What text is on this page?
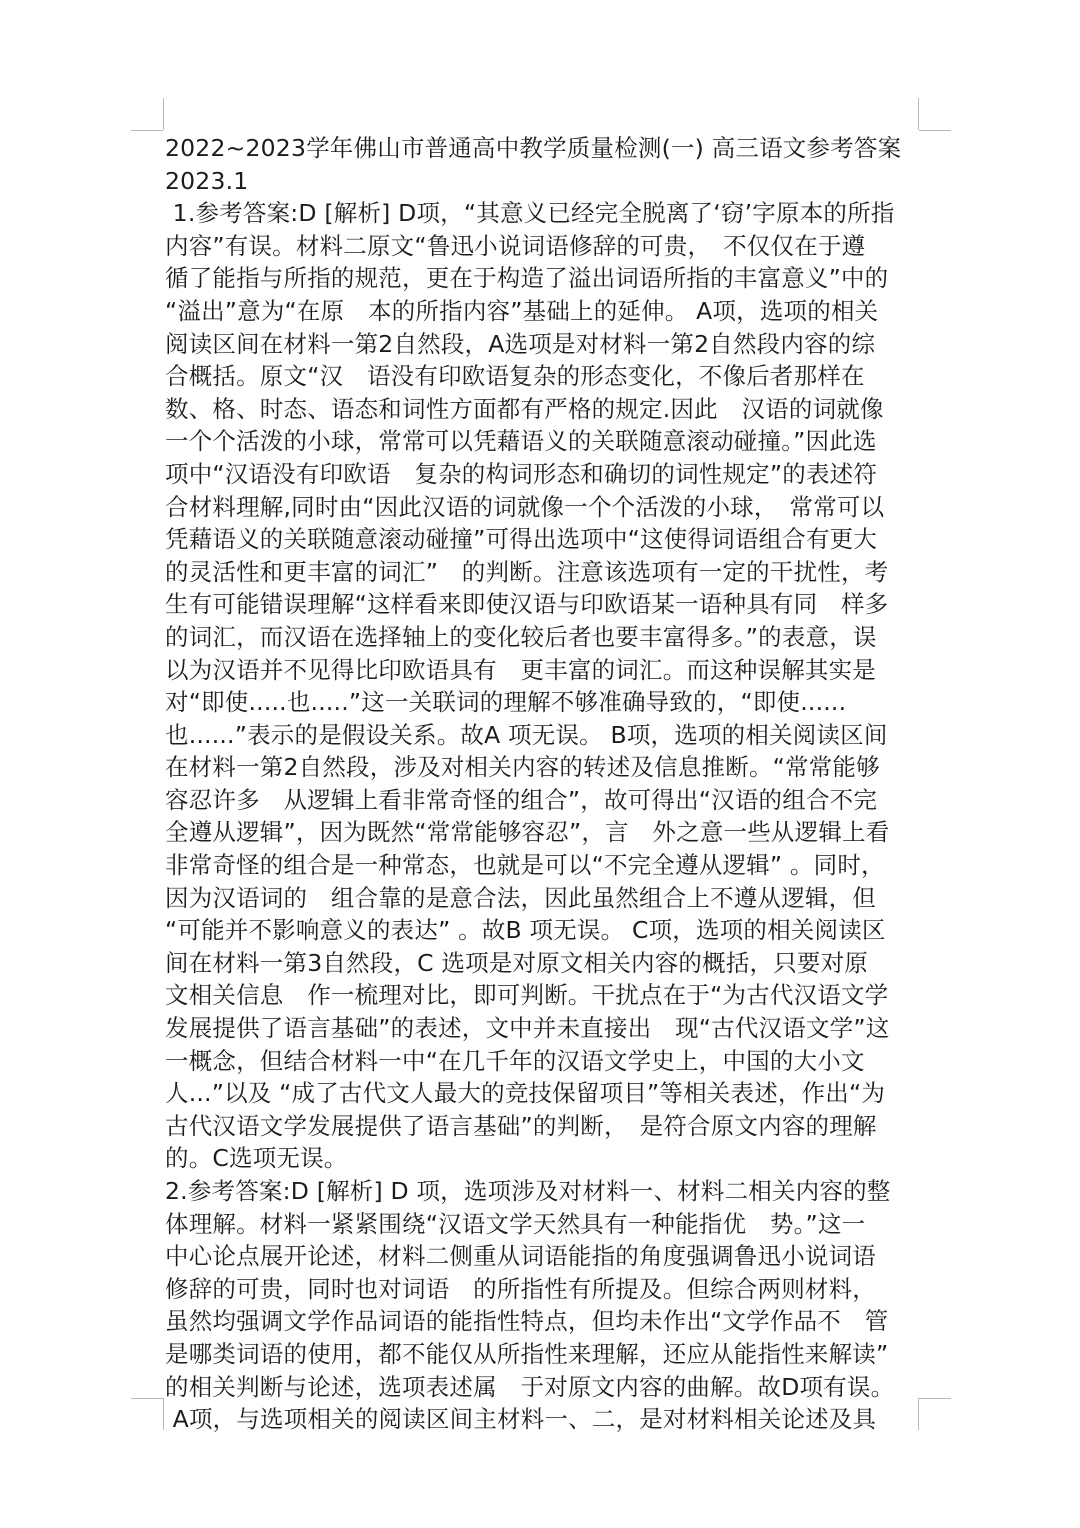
2022~2023学年佛山市普通高中教学质量检测(一) 高三语文参考答案
2023.1
1.参考答案:D [解析] D项，“其意义已经完全脱离了‘窃’字原本的所指
内容”有误。材料二原文“鲁迅小说词语修辞的可贵，　不仅仅在于遵
循了能指与所指的规范，更在于构造了溢出词语所指的丰富意义”中的
“溢出”意为“在原　本的所指内容”基础上的延伸。 A项，选项的相关
阅读区间在材料一第2自然段，A选项是对材料一第2自然段内容的综
合概括。原文“汉　语没有印欧语复杂的形态变化，不像后者那样在
数、格、时态、语态和词性方面都有严格的规定.因此　汉语的词就像
一个个活泼的小球，常常可以凭藉语义的关联随意滚动碰撞。”因此选
项中“汉语没有印欧语　复杂的构词形态和确切的词性规定”的表述符
合材料理解,同时由“因此汉语的词就像一个个活泼的小球，　常常可以
凭藉语义的关联随意滚动碰撞”可得出选项中“这使得词语组合有更大
的灵活性和更丰富的词汇”　的判断。注意该选项有一定的干扰性，考
生有可能错误理解“这样看来即使汉语与印欧语某一语种具有同　样多
的词汇，而汉语在选择轴上的变化较后者也要丰富得多。”的表意，误
以为汉语并不见得比印欧语具有　更丰富的词汇。而这种误解其实是
对“即使.....也.....”这一关联词的理解不够准确导致的，“即使......
也......”表示的是假设关系。故A 项无误。 B项，选项的相关阅读区间
在材料一第2自然段，涉及对相关内容的转述及信息推断。“常常能够
容忍许多　从逻辑上看非常奇怪的组合”，故可得出“汉语的组合不完
全遵从逻辑”，因为既然“常常能够容忍”，言　外之意一些从逻辑上看
非常奇怪的组合是一种常态，也就是可以“不完全遵从逻辑” 。同时，
因为汉语词的　组合靠的是意合法，因此虽然组合上不遵从逻辑，但
“可能并不影响意义的表达” 。故B 项无误。 C项，选项的相关阅读区
间在材料一第3自然段，C 选项是对原文相关内容的概括，只要对原
文相关信息　作一梳理对比，即可判断。干扰点在于“为古代汉语文学
发展提供了语言基础”的表述，文中并未直接出　现“古代汉语文学”这
一概念，但结合材料一中“在几千年的汉语文学史上，中国的大小文
人...”以及 “成了古代文人最大的竞技保留项目”等相关表述，作出“为
古代汉语文学发展提供了语言基础”的判断，　是符合原文内容的理解
的。C选项无误。
2.参考答案:D [解析] D 项，选项涉及对材料一、材料二相关内容的整
体理解。材料一紧紧围绕“汉语文学天然具有一种能指优　势。”这一
中心论点展开论述，材料二侧重从词语能指的角度强调鲁迅小说词语
修辞的可贵，同时也对词语　的所指性有所提及。但综合两则材料，
虽然均强调文学作品词语的能指性特点，但均未作出“文学作品不　管
是哪类词语的使用，都不能仅从所指性来理解，还应从能指性来解读”
的相关判断与论述，选项表述属　于对原文内容的曲解。故D项有误。
A项，与选项相关的阅读区间主材料一、二，是对材料相关论述及具
